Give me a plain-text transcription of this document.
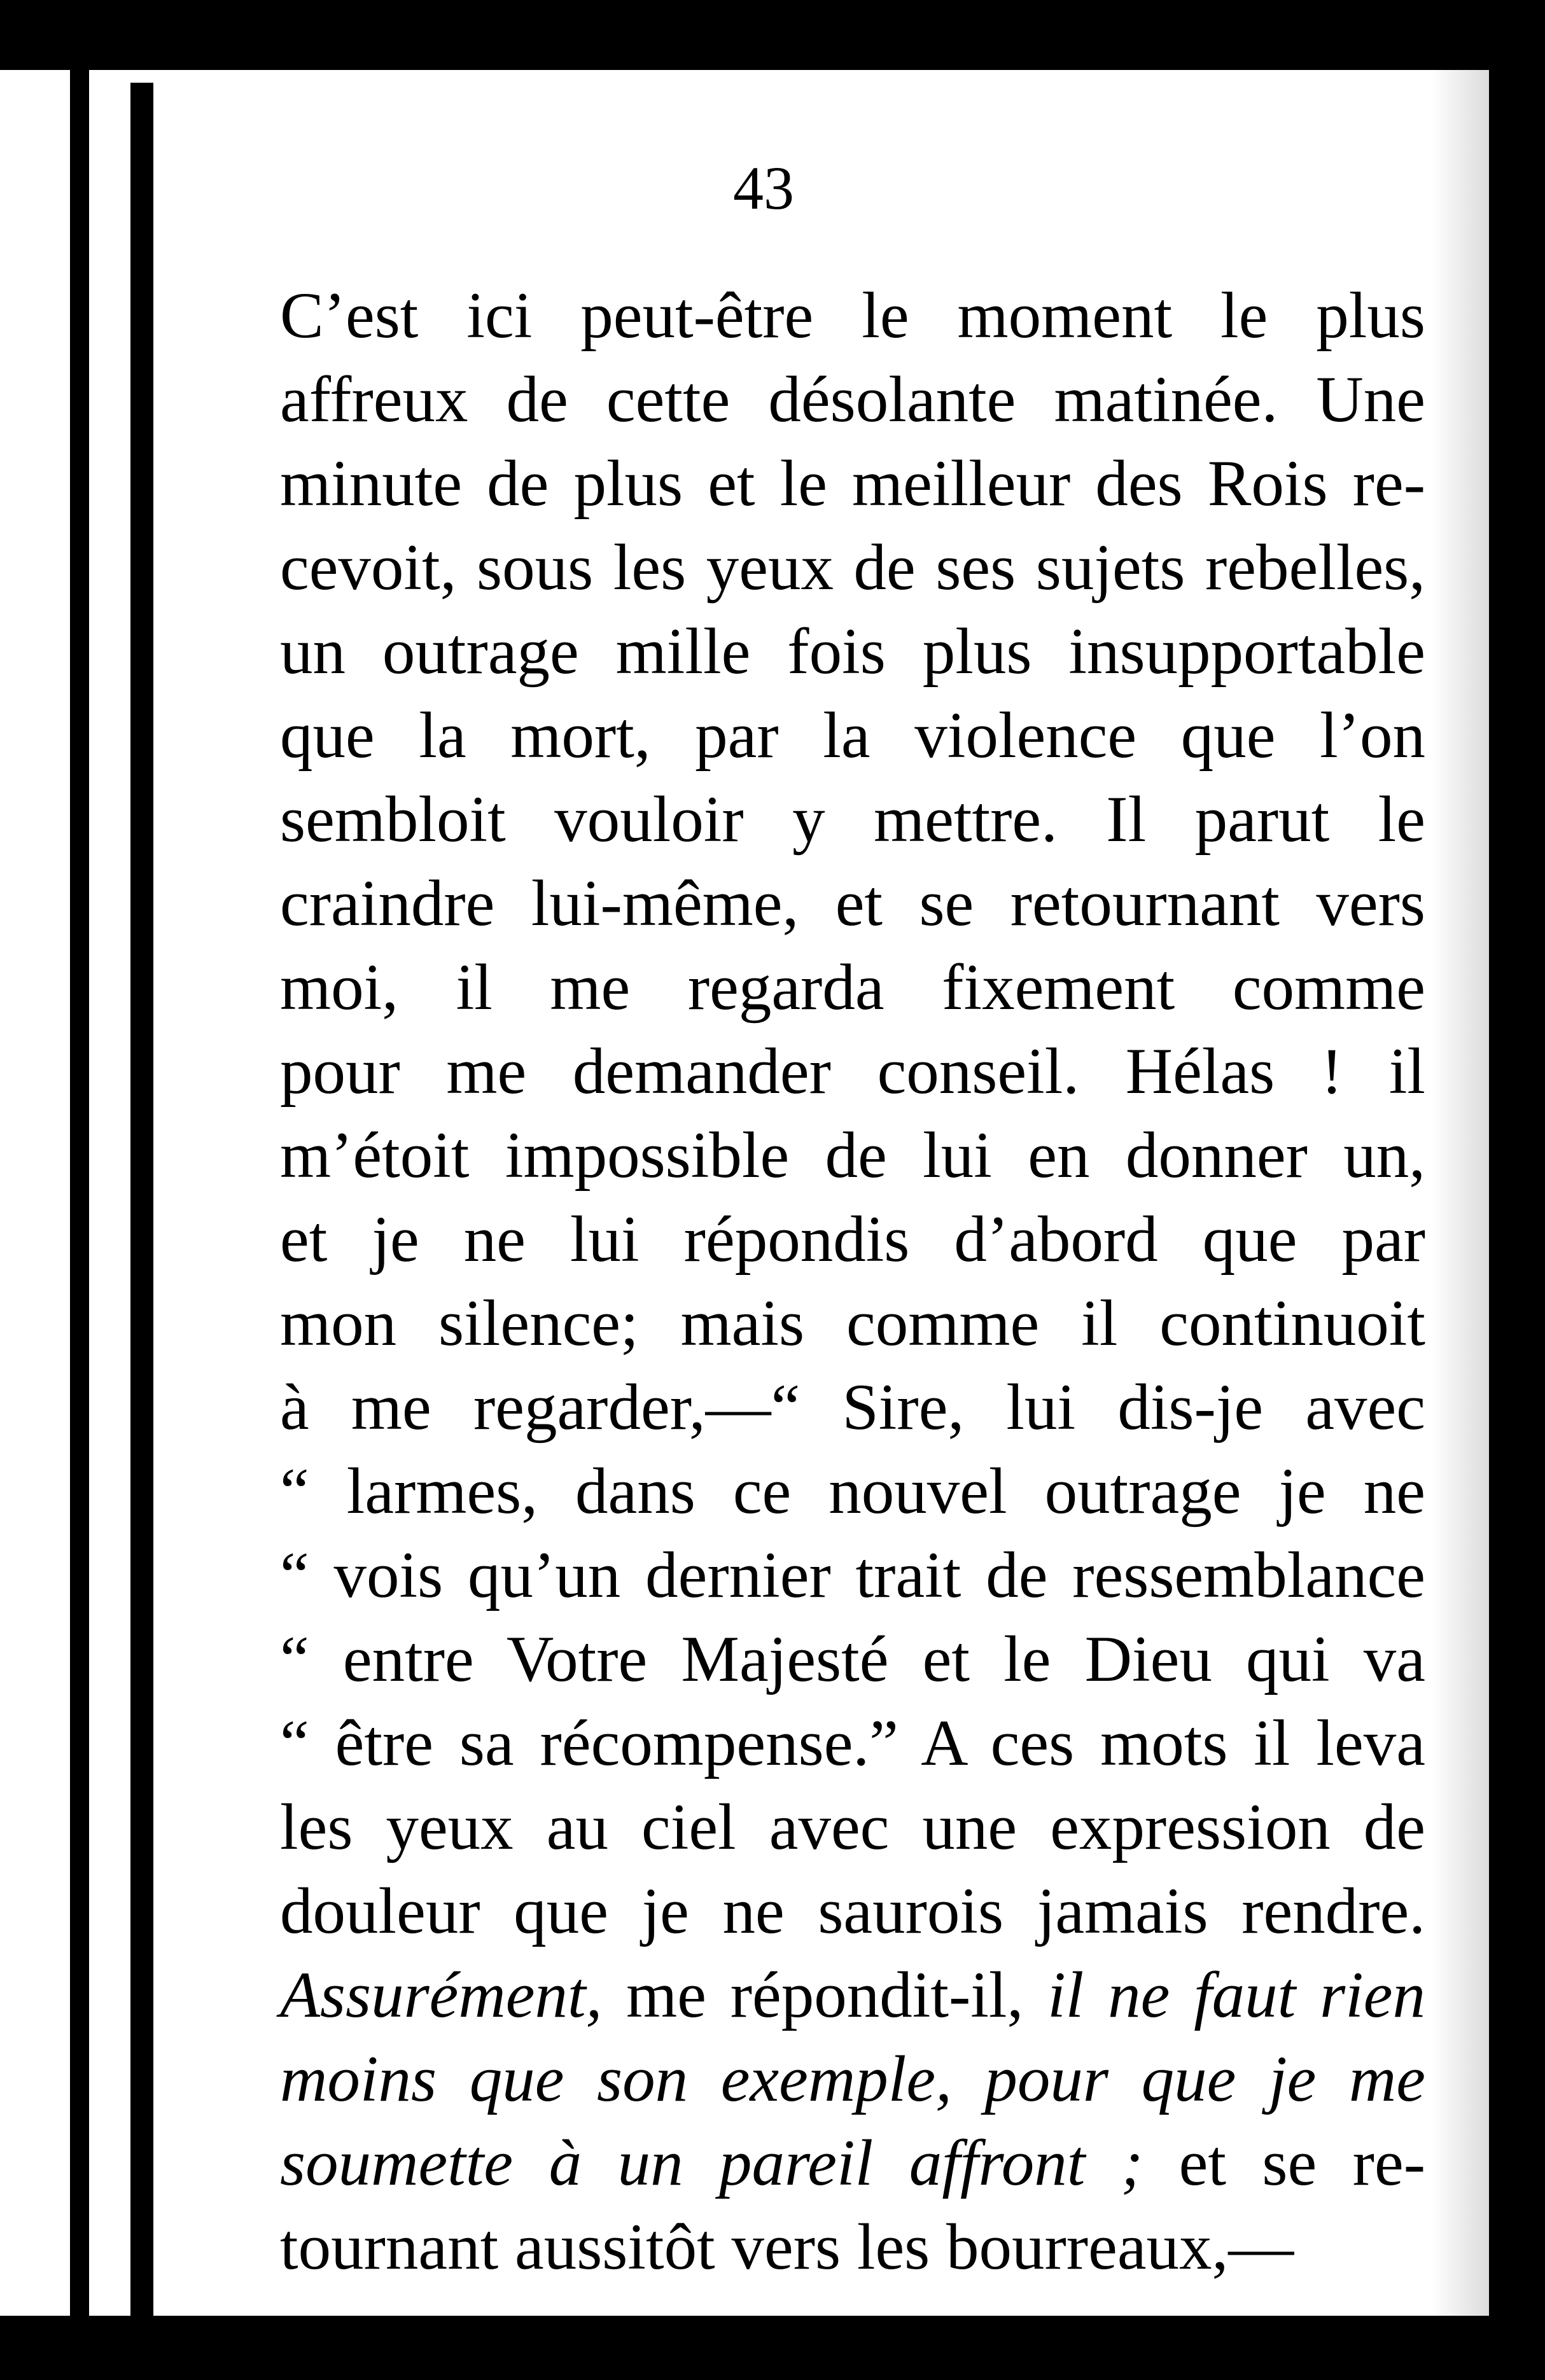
43
C’est ici peut-être le moment le plus
affreux de cette désolante matinée. Une
minute de plus et le meilleur des Rois re-
cevoit, sous les yeux de ses sujets rebelles,
un outrage mille fois plus insupportable
que la mort, par la violence que l’on
sembloit vouloir y mettre. Il parut le
craindre lui-même, et se retournant vers
moi, il me regarda fixement comme
pour me demander conseil. Hélas ! il
m’étoit impossible de lui en donner un,
et je ne lui répondis d’abord que par
mon silence; mais comme il continuoit
à me regarder,—“ Sire, lui dis-je avec
“ larmes, dans ce nouvel outrage je ne
“ vois qu’un dernier trait de ressemblance
“ entre Votre Majesté et le Dieu qui va
“ être sa récompense.” A ces mots il leva
les yeux au ciel avec une expression de
douleur que je ne saurois jamais rendre.
Assurément, me répondit-il, il ne faut rien
moins que son exemple, pour que je me
soumette à un pareil affront ; et se re-
tournant aussitôt vers les bourreaux,—
